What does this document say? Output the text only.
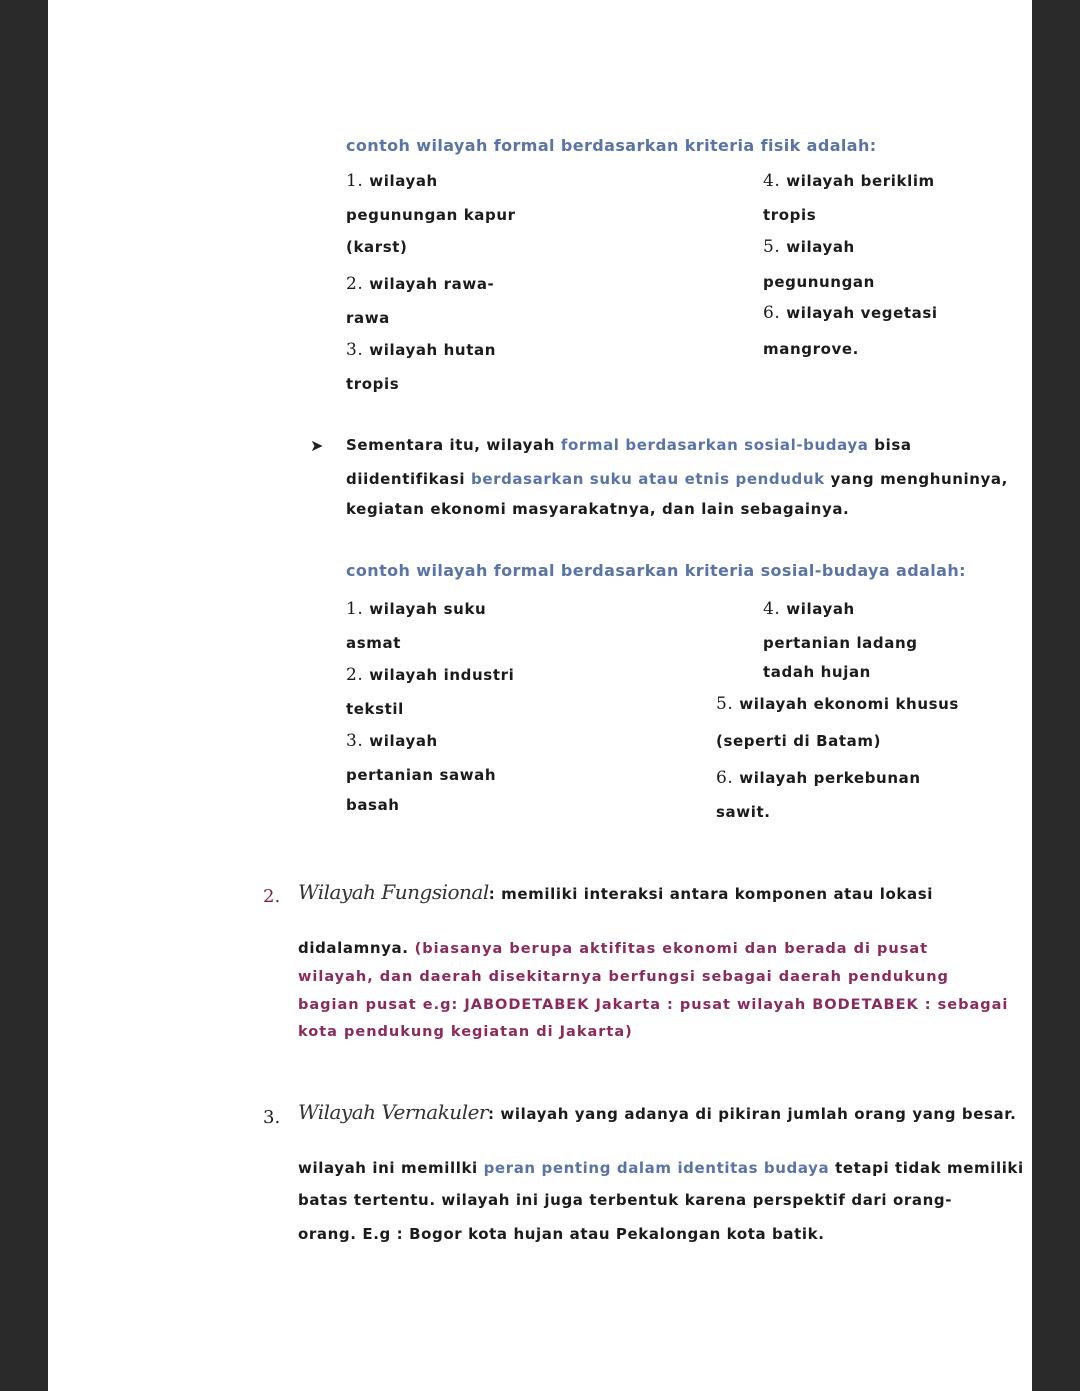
contoh wilayah formal berdasarkan kriteria fisik adalah:
1. wilayah
pegunungan kapur
(karst)
2. wilayah rawa-
rawa
3. wilayah hutan
tropis
4. wilayah beriklim
tropis
5. wilayah
pegunungan
6. wilayah vegetasi
mangrove.
➤ Sementara itu, wilayah formal berdasarkan sosial-budaya bisa
diidentifikasi berdasarkan suku atau etnis penduduk yang menghuninya,
kegiatan ekonomi masyarakatnya, dan lain sebagainya.
contoh wilayah formal berdasarkan kriteria sosial-budaya adalah:
1. wilayah suku
asmat
2. wilayah industri
tekstil
3. wilayah
pertanian sawah
basah
4. wilayah
pertanian ladang
tadah hujan
5. wilayah ekonomi khusus
(seperti di Batam)
6. wilayah perkebunan
sawit.
2. Wilayah Fungsional: memiliki interaksi antara komponen atau lokasi
didalamnya. (biasanya berupa aktifitas ekonomi dan berada di pusat
wilayah, dan daerah disekitarnya berfungsi sebagai daerah pendukung
bagian pusat e.g: JABODETABEK Jakarta : pusat wilayah BODETABEK : sebagai
kota pendukung kegiatan di Jakarta)
3. Wilayah Vernakuler: wilayah yang adanya di pikiran jumlah orang yang besar.
wilayah ini memillki peran penting dalam identitas budaya tetapi tidak memiliki
batas tertentu. wilayah ini juga terbentuk karena perspektif dari orang-
orang. E.g : Bogor kota hujan atau Pekalongan kota batik.
